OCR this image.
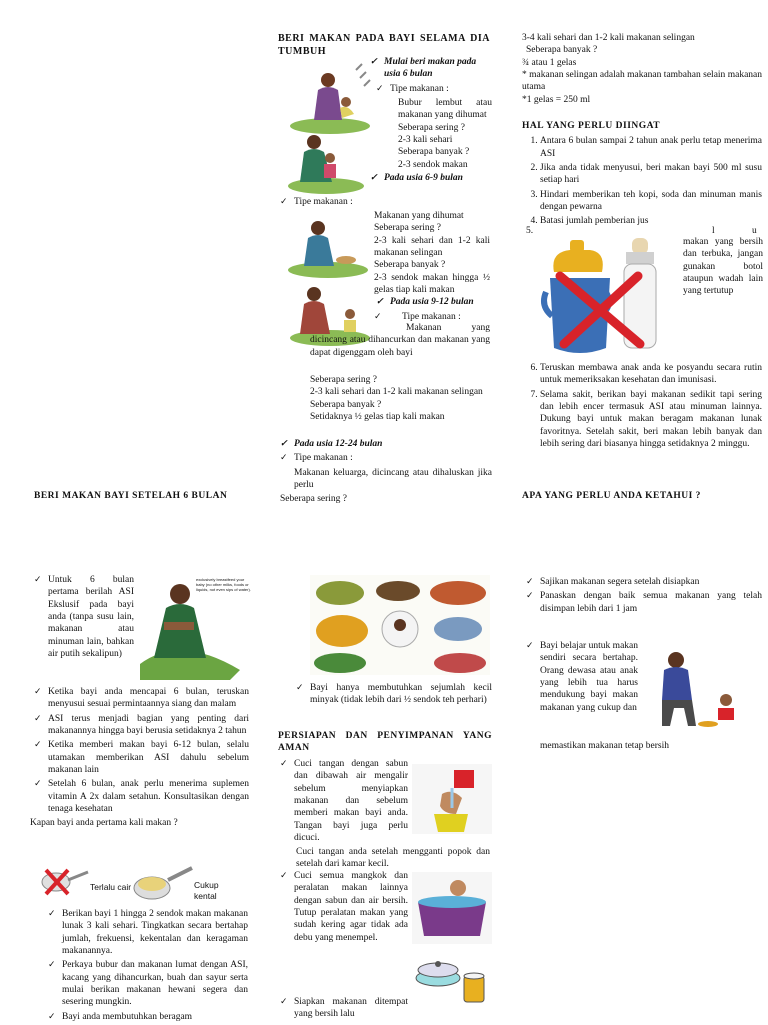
BERI MAKAN PADA BAYI SELAMA DIA TUMBUH
✓ Mulai beri makan pada usia 6 bulan
✓ Tipe makanan :
Bubur lembut atau makanan yang dihumat
Seberapa sering ?
2-3 kali sehari
Seberapa banyak ?
2-3 sendok makan
✓ Pada usia 6-9 bulan
✓ Tipe makanan :
Makanan yang dihumat
Seberapa sering ?
2-3 kali sehari dan 1-2 kali makanan selingan
Seberapa banyak ?
2-3 sendok makan hingga ½ gelas tiap kali makan
✓ Pada usia 9-12 bulan
✓ Tipe makanan :
Makanan yang dicincang atau dihancurkan dan makanan yang dapat digenggam oleh bayi
Seberapa sering ?
2-3 kali sehari dan 1-2 kali makanan selingan
Seberapa banyak ?
Setidaknya ½ gelas tiap kali makan
✓ Pada usia 12-24 bulan
✓ Tipe makanan :
Makanan keluarga, dicincang atau dihaluskan jika perlu
Seberapa sering ?
3-4 kali sehari dan 1-2 kali makanan selingan
Seberapa banyak ?
¾ atau 1 gelas
* makanan selingan adalah makanan tambahan selain makanan utama
*1 gelas = 250 ml
HAL YANG PERLU DIINGAT
1. Antara 6 bulan sampai 2 tahun anak perlu tetap menerima ASI
2. Jika anda tidak menyusui, beri makan bayi 500 ml susu setiap hari
3. Hindari memberikan teh kopi, soda dan minuman manis dengan pewarna
4. Batasi jumlah pemberian jus
5.	l	u
makan yang bersih dan terbuka, jangan gunakan botol ataupun wadah lain yang tertutup
6. Teruskan membawa anak anda ke posyandu secara rutin untuk memeriksakan kesehatan dan imunisasi.
7. Selama sakit, berikan bayi makanan sedikit tapi sering dan lebih encer termasuk ASI atau minuman lainnya. Dukung bayi untuk makan beragam makanan lunak favoritnya. Setelah sakit, beri makan lebih banyak dan lebih sering dari biasanya hingga setidaknya 2 minggu.
BERI MAKAN BAYI SETELAH 6 BULAN
✓ Untuk 6 bulan pertama berilah ASI Ekslusif pada bayi anda (tanpa susu lain, makanan atau minuman lain, bahkan air putih sekalipun)
exclusively breastfeed your baby (no other milks, foods or liquids, not even sips of water).
✓ Ketika bayi anda mencapai 6 bulan, teruskan menyusui sesuai permintaannya siang dan malam
✓ ASI terus menjadi bagian yang penting dari makanannya hingga bayi berusia setidaknya 2 tahun
✓ Ketika memberi makan bayi 6-12 bulan, selalu utamakan memberikan ASI dahulu sebelum makanan lain
✓ Setelah 6 bulan, anak perlu menerima suplemen vitamin A 2x dalam setahun. Konsultasikan dengan tenaga kesehatan
Kapan bayi anda pertama kali makan ?
Terlalu cair	Cukup kental
✓ Berikan bayi 1 hingga 2 sendok makan makanan lunak 3 kali sehari. Tingkatkan secara bertahap jumlah, frekuensi, kekentalan dan keragaman makanannya.
✓ Perkaya bubur dan makanan lumat dengan ASI, kacang yang dihancurkan, buah dan sayur serta mulai berikan makanan hewani segera dan sesering mungkin.
✓ Bayi anda membutuhkan beragam
✓ Bayi hanya membutuhkan sejumlah kecil minyak (tidak lebih dari ½ sendok teh perhari)
PERSIAPAN DAN PENYIMPANAN YANG AMAN
✓ Cuci tangan dengan sabun dan dibawah air mengalir sebelum menyiapkan makanan dan sebelum memberi makan bayi anda. Tangan bayi juga perlu dicuci.
Cuci tangan anda setelah mengganti popok dan setelah dari kamar kecil.
✓ Cuci semua mangkok dan peralatan makan lainnya dengan sabun dan air bersih. Tutup peralatan makan yang sudah kering agar tidak ada debu yang menempel.
✓ Siapkan makanan ditempat yang bersih lalu
APA YANG PERLU ANDA KETAHUI ?
✓ Sajikan makanan segera setelah disiapkan
✓ Panaskan dengan baik semua makanan yang telah disimpan lebih dari 1 jam
✓ Bayi belajar untuk makan sendiri secara bertahap. Orang dewasa atau anak yang lebih tua harus mendukung bayi makan makanan yang cukup dan
memastikan makanan tetap bersih
